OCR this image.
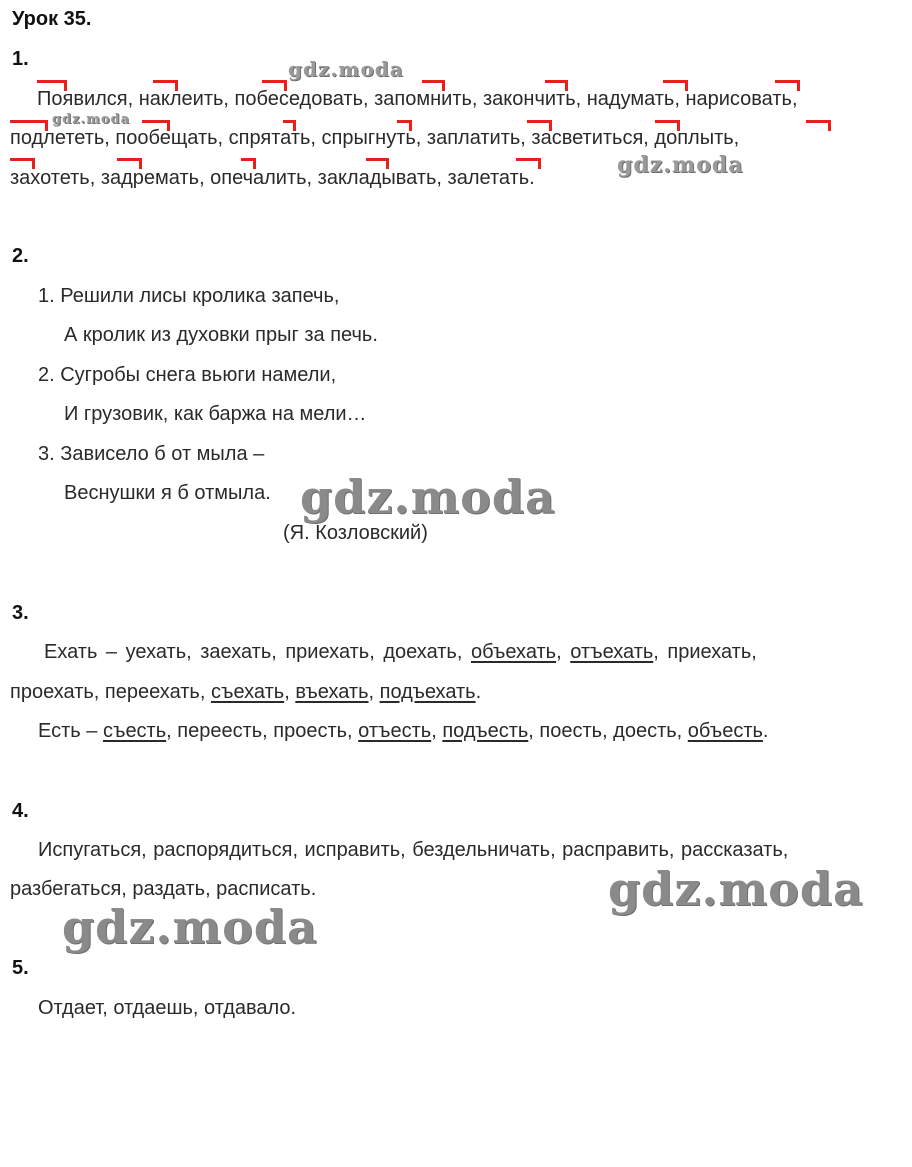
Урок 35.
1.
Появился, наклеить, побеседовать, запомнить, закончить, надумать, нарисовать,
подлететь, пообещать, спрятать, спрыгнуть, заплатить, засветиться, доплыть,
захотеть, задремать, опечалить, закладывать, залетать.
2.
1. Решили лисы кролика запечь,
А кролик из духовки прыг за печь.
2. Сугробы снега вьюги намели,
И грузовик, как баржа на мели…
3. Зависело б от мыла –
Веснушки я б отмыла.
(Я. Козловский)
3.
Ехать – уехать, заехать, приехать, доехать, объехать, отъехать, приехать,
проехать, переехать, съехать, въехать, подъехать.
Есть – съесть, переесть, проесть, отъесть, подъесть, поесть, доесть, объесть.
4.
Испугаться, распорядиться, исправить, бездельничать, расправить, рассказать,
разбегаться, раздать, расписать.
5.
Отдает, отдаешь, отдавало.
gdz.moda
gdz.moda
gdz.moda
gdz.moda
gdz.moda
gdz.moda
